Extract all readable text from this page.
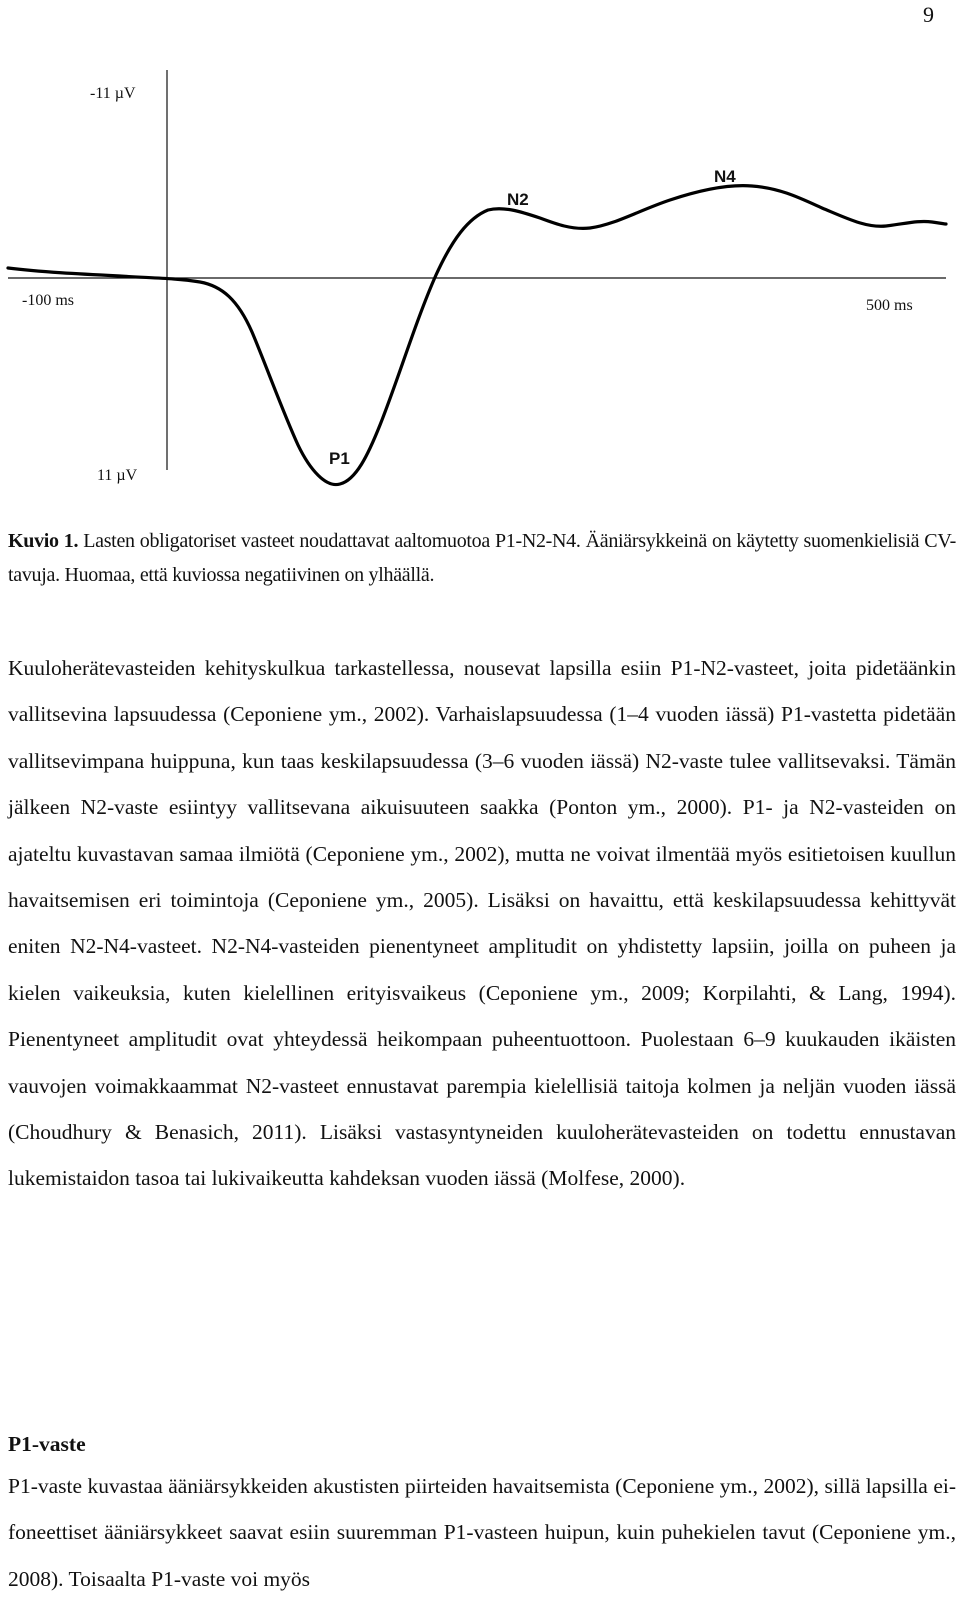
9
-11 µV
11 µV
-100 ms	500 ms
N2
N4
P1
Kuvio 1. Lasten obligatoriset vasteet noudattavat aaltomuotoa P1-N2-N4. Ääniärsykkeinä on käytetty suomenkielisiä CV-tavuja. Huomaa, että kuviossa negatiivinen on ylhäällä.
Kuuloherätevasteiden kehityskulkua tarkastellessa, nousevat lapsilla esiin P1-N2-vasteet, joita pidetäänkin vallitsevina lapsuudessa (Ceponiene ym., 2002). Varhaislapsuudessa (1–4 vuoden iässä) P1-vastetta pidetään vallitsevimpana huippuna, kun taas keskilapsuudessa (3–6 vuoden iässä) N2-vaste tulee vallitsevaksi. Tämän jälkeen N2-vaste esiintyy vallitsevana aikuisuuteen saakka (Ponton ym., 2000). P1- ja N2-vasteiden on ajateltu kuvastavan samaa ilmiötä (Ceponiene ym., 2002), mutta ne voivat ilmentää myös esitietoisen kuullun havaitsemisen eri toimintoja (Ceponiene ym., 2005). Lisäksi on havaittu, että keskilapsuudessa kehittyvät eniten N2-N4-vasteet. N2-N4-vasteiden pienentyneet amplitudit on yhdistetty lapsiin, joilla on puheen ja kielen vaikeuksia, kuten kielellinen erityisvaikeus (Ceponiene ym., 2009; Korpilahti, & Lang, 1994). Pienentyneet amplitudit ovat yhteydessä heikompaan puheentuottoon. Puolestaan 6–9 kuukauden ikäisten vauvojen voimakkaammat N2-vasteet ennustavat parempia kielellisiä taitoja kolmen ja neljän vuoden iässä (Choudhury & Benasich, 2011). Lisäksi vastasyntyneiden kuuloherätevasteiden on todettu ennustavan lukemistaidon tasoa tai lukivaikeutta kahdeksan vuoden iässä (Molfese, 2000).
P1-vaste
P1-vaste kuvastaa ääniärsykkeiden akustisten piirteiden havaitsemista (Ceponiene ym., 2002), sillä lapsilla ei-foneettiset ääniärsykkeet saavat esiin suuremman P1-vasteen huipun, kuin puhekielen tavut (Ceponiene ym., 2008). Toisaalta P1-vaste voi myös
